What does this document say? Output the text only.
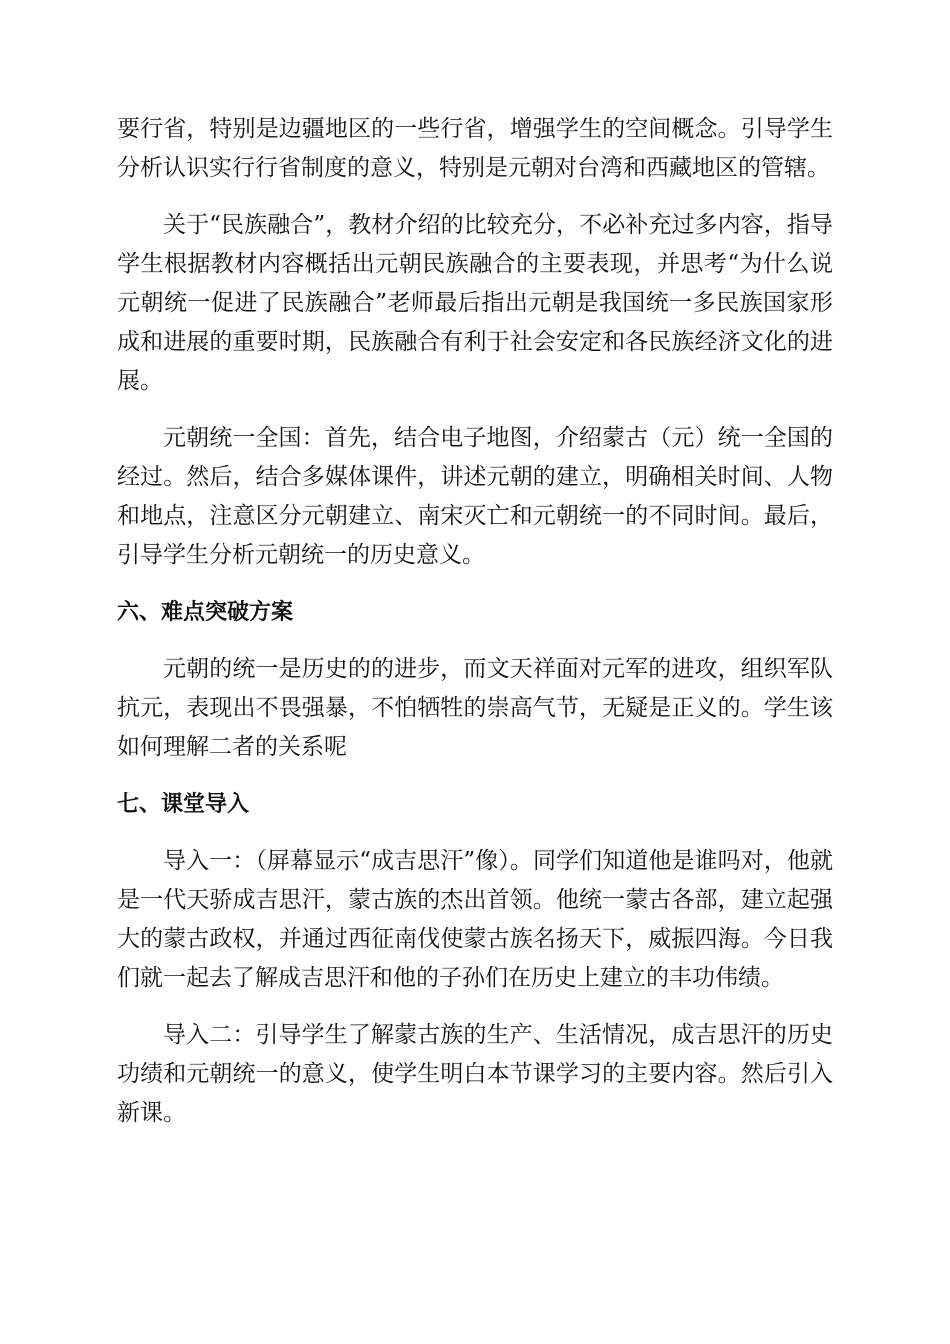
要行省，特别是边疆地区的一些行省，增强学生的空间概念。引导学生分析认识实行行省制度的意义，特别是元朝对台湾和西藏地区的管辖。

关于“民族融合”，教材介绍的比较充分，不必补充过多内容，指导学生根据教材内容概括出元朝民族融合的主要表现，并思考“为什么说元朝统一促进了民族融合”老师最后指出元朝是我国统一多民族国家形成和进展的重要时期，民族融合有利于社会安定和各民族经济文化的进展。

元朝统一全国：首先，结合电子地图，介绍蒙古（元）统一全国的经过。然后，结合多媒体课件，讲述元朝的建立，明确相关时间、人物和地点，注意区分元朝建立、南宋灭亡和元朝统一的不同时间。最后，引导学生分析元朝统一的历史意义。

六、难点突破方案

元朝的统一是历史的的进步，而文天祥面对元军的进攻，组织军队抗元，表现出不畏强暴，不怕牺牲的崇高气节，无疑是正义的。学生该如何理解二者的关系呢

七、课堂导入

导入一：（屏幕显示“成吉思汗”像）。同学们知道他是谁吗对，他就是一代天骄成吉思汗，蒙古族的杰出首领。他统一蒙古各部，建立起强大的蒙古政权，并通过西征南伐使蒙古族名扬天下，威振四海。今日我们就一起去了解成吉思汗和他的子孙们在历史上建立的丰功伟绩。

导入二：引导学生了解蒙古族的生产、生活情况，成吉思汗的历史功绩和元朝统一的意义，使学生明白本节课学习的主要内容。然后引入新课。
